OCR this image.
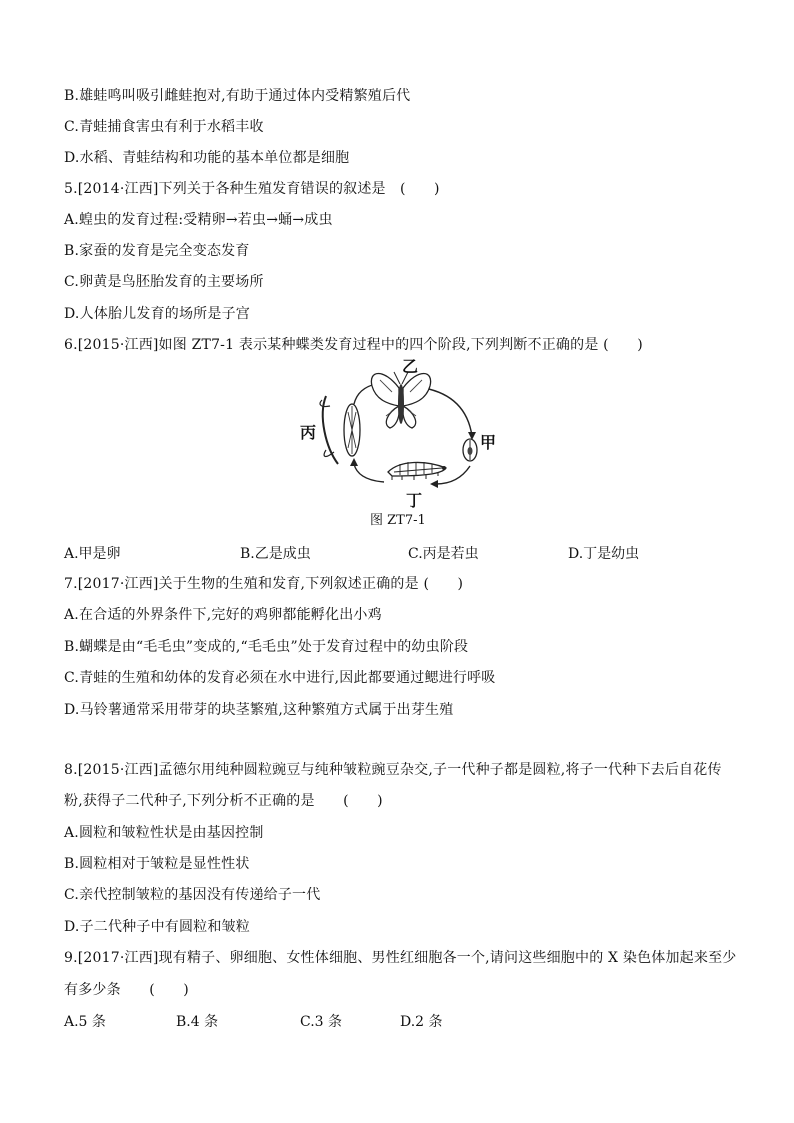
B.雄蛙鸣叫吸引雌蛙抱对,有助于通过体内受精繁殖后代
C.青蛙捕食害虫有利于水稻丰收
D.水稻、青蛙结构和功能的基本单位都是细胞
5.[2014·江西]下列关于各种生殖发育错误的叙述是　(　　)
A.蝗虫的发育过程:受精卵→若虫→蛹→成虫
B.家蚕的发育是完全变态发育
C.卵黄是鸟胚胎发育的主要场所
D.人体胎儿发育的场所是子宫
6.[2015·江西]如图 ZT7-1 表示某种蝶类发育过程中的四个阶段,下列判断不正确的是 (　　)
乙
丙
甲
丁
图 ZT7-1
A.甲是卵	B.乙是成虫	C.丙是若虫	D.丁是幼虫
7.[2017·江西]关于生物的生殖和发育,下列叙述正确的是 (　　)
A.在合适的外界条件下,完好的鸡卵都能孵化出小鸡
B.蝴蝶是由“毛毛虫”变成的,“毛毛虫”处于发育过程中的幼虫阶段
C.青蛙的生殖和幼体的发育必须在水中进行,因此都要通过鳃进行呼吸
D.马铃薯通常采用带芽的块茎繁殖,这种繁殖方式属于出芽生殖
8.[2015·江西]孟德尔用纯种圆粒豌豆与纯种皱粒豌豆杂交,子一代种子都是圆粒,将子一代种下去后自花传
粉,获得子二代种子,下列分析不正确的是　　(　　)
A.圆粒和皱粒性状是由基因控制
B.圆粒相对于皱粒是显性性状
C.亲代控制皱粒的基因没有传递给子一代
D.子二代种子中有圆粒和皱粒
9.[2017·江西]现有精子、卵细胞、女性体细胞、男性红细胞各一个,请问这些细胞中的 X 染色体加起来至少
有多少条　　(　　)
A.5 条	B.4 条	C.3 条	D.2 条
